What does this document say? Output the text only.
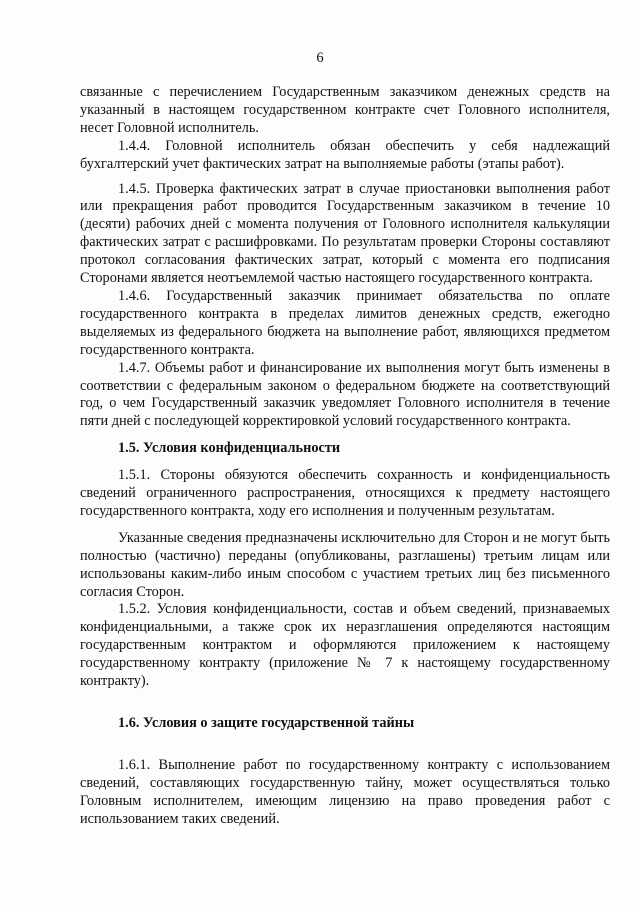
6

связанные с перечислением Государственным заказчиком денежных средств на указанный в настоящем государственном контракте счет Головного исполнителя, несет Головной исполнитель.

1.4.4. Головной исполнитель обязан обеспечить у себя надлежащий бухгалтерский учет фактических затрат на выполняемые работы (этапы работ).

1.4.5. Проверка фактических затрат в случае приостановки выполнения работ или прекращения работ проводится Государственным заказчиком в течение 10 (десяти) рабочих дней с момента получения от Головного исполнителя калькуляции фактических затрат с расшифровками. По результатам проверки Стороны составляют протокол согласования фактических затрат, который с момента его подписания Сторонами является неотъемлемой частью настоящего государственного контракта.

1.4.6. Государственный заказчик принимает обязательства по оплате государственного контракта в пределах лимитов денежных средств, ежегодно выделяемых из федерального бюджета на выполнение работ, являющихся предметом государственного контракта.

1.4.7. Объемы работ и финансирование их выполнения могут быть изменены в соответствии с федеральным законом о федеральном бюджете на соответствующий год, о чем Государственный заказчик уведомляет Головного исполнителя в течение пяти дней с последующей корректировкой условий государственного контракта.

1.5. Условия конфиденциальности

1.5.1. Стороны обязуются обеспечить сохранность и конфиденциальность сведений ограниченного распространения, относящихся к предмету настоящего государственного контракта, ходу его исполнения и полученным результатам.

Указанные сведения предназначены исключительно для Сторон и не могут быть полностью (частично) переданы (опубликованы, разглашены) третьим лицам или использованы каким-либо иным способом с участием третьих лиц без письменного согласия Сторон.

1.5.2. Условия конфиденциальности, состав и объем сведений, признаваемых конфиденциальными, а также срок их неразглашения определяются настоящим государственным контрактом и оформляются приложением к настоящему государственному контракту (приложение № 7 к настоящему государственному контракту).

1.6. Условия о защите государственной тайны

1.6.1. Выполнение работ по государственному контракту с использованием сведений, составляющих государственную тайну, может осуществляться только Головным исполнителем, имеющим лицензию на право проведения работ с использованием таких сведений.
